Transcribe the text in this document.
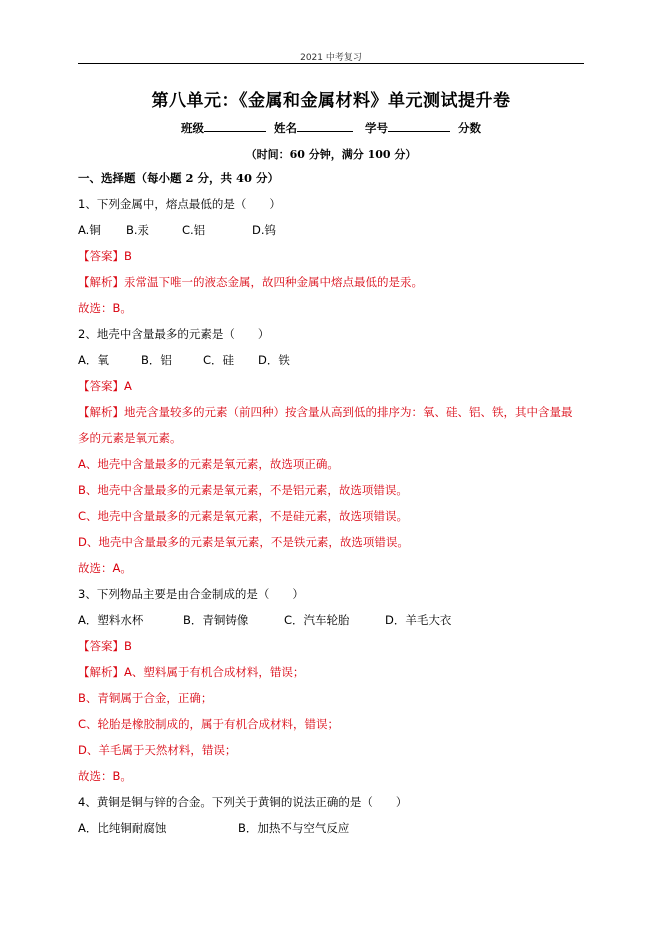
2021 中考复习
第八单元：《金属和金属材料》单元测试提升卷
班级	姓名	学号	分数
（时间：60 分钟，满分 100 分）
一、选择题（每小题 2 分，共 40 分）
1、下列金属中，熔点最低的是（　　）
A.铜 B.汞	C.铝	D.钨
【答案】B
【解析】汞常温下唯一的液态金属，故四种金属中熔点最低的是汞。
故选：B。
2、地壳中含量最多的元素是（　　）
A．氧	B．铝	C．硅 D．铁
【答案】A
【解析】地壳含量较多的元素（前四种）按含量从高到低的排序为：氧、硅、铝、铁，其中含量最
多的元素是氧元素。
A、地壳中含量最多的元素是氧元素，故选项正确。
B、地壳中含量最多的元素是氧元素，不是铝元素，故选项错误。
C、地壳中含量最多的元素是氧元素，不是硅元素，故选项错误。
D、地壳中含量最多的元素是氧元素，不是铁元素，故选项错误。
故选：A。
3、下列物品主要是由合金制成的是（　　）
A．塑料水杯	B．青铜铸像	C．汽车轮胎	D．羊毛大衣
【答案】B
【解析】A、塑料属于有机合成材料，错误；
B、青铜属于合金，正确；
C、轮胎是橡胶制成的，属于有机合成材料，错误；
D、羊毛属于天然材料，错误；
故选：B。
4、黄铜是铜与锌的合金。下列关于黄铜的说法正确的是（　　）
A．比纯铜耐腐蚀	B．加热不与空气反应
